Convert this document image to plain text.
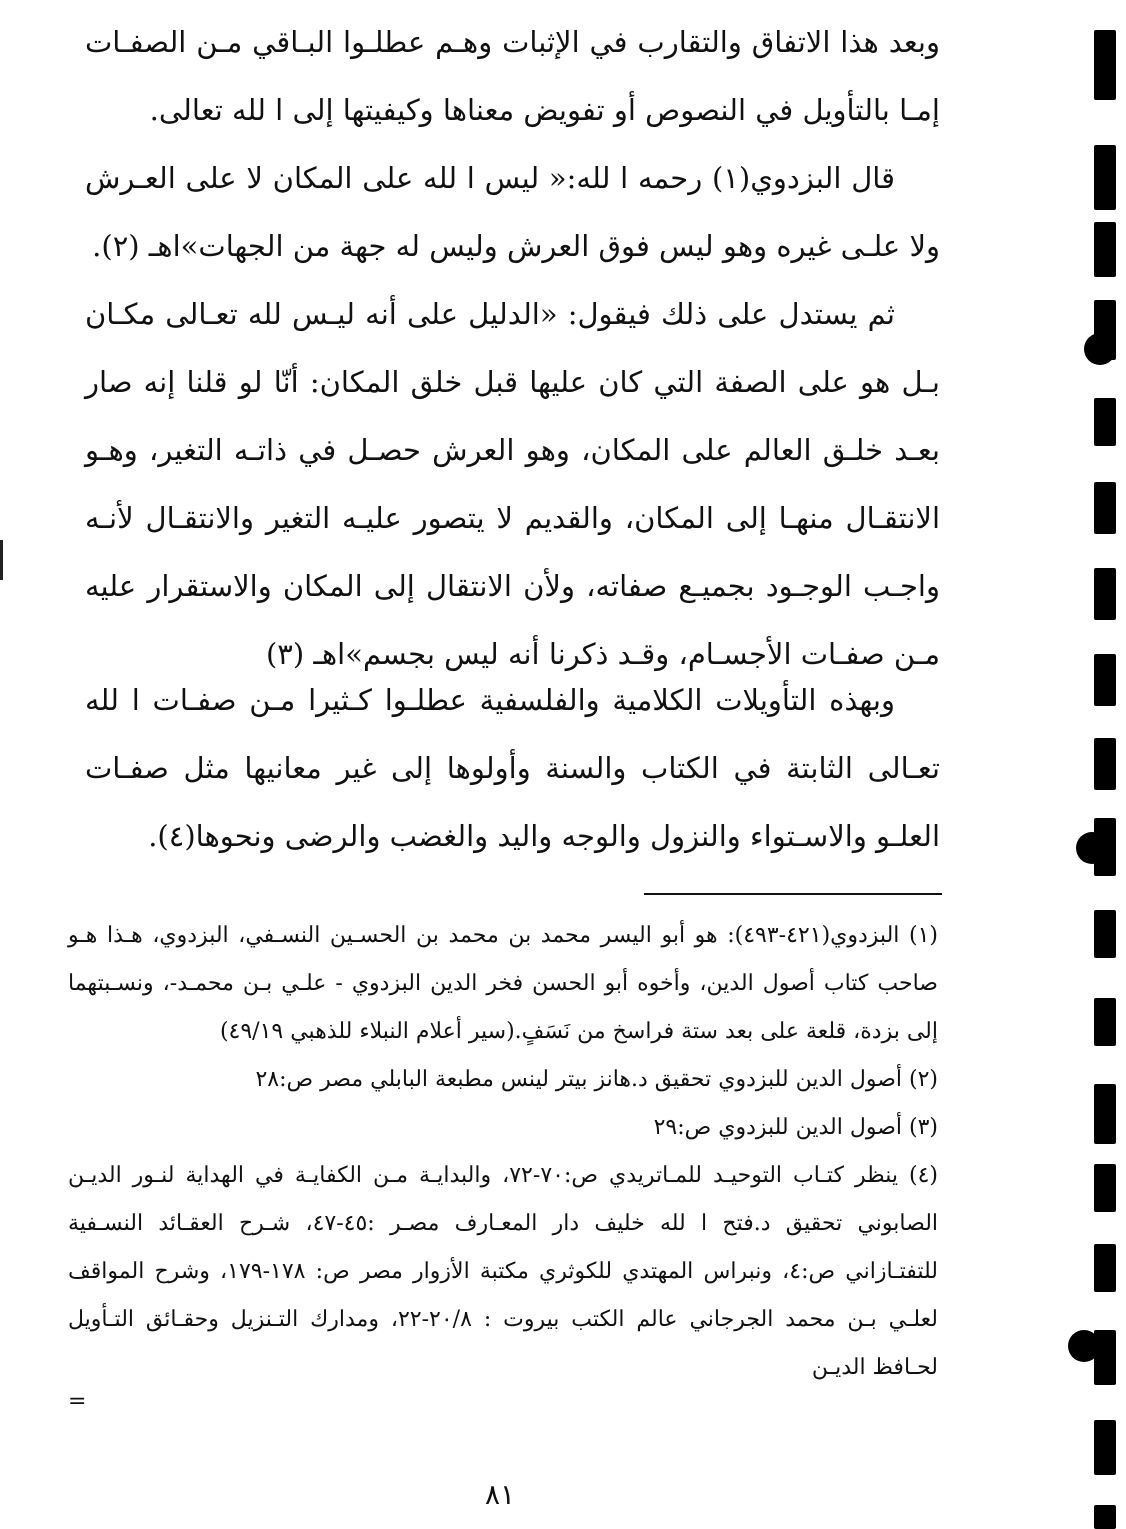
وبعد هذا الاتفاق والتقارب في الإثبات وهـم عطلـوا البـاقي مـن الصفـات إمـا بالتأويل في النصوص أو تفويض معناها وكيفيتها إلى ا لله تعالى.

قال البزدوي(١) رحمه ا لله:« ليس ا لله على المكان لا على العـرش ولا علـى غيره وهو ليس فوق العرش وليس له جهة من الجهات»اهـ (٢).

ثم يستدل على ذلك فيقول: «الدليل على أنه ليـس لله تعـالى مكـان بـل هو على الصفة التي كان عليها قبل خلق المكان: أنّا لو قلنا إنه صار بعـد خلـق العالم على المكان، وهو العرش حصـل في ذاتـه التغير، وهـو الانتقـال منهـا إلى المكان، والقديم لا يتصور عليـه التغير والانتقـال لأنـه واجـب الوجـود بجميـع صفاته، ولأن الانتقال إلى المكان والاستقرار عليه مـن صفـات الأجسـام، وقـد ذكرنا أنه ليس بجسم»اهـ (٣)

وبهذه التأويلات الكلامية والفلسفية عطلـوا كـثيرا مـن صفـات ا لله تعـالى الثابتة في الكتاب والسنة وأولوها إلى غير معانيها مثل صفـات العلـو والاسـتواء والنزول والوجه واليد والغضب والرضى ونحوها(٤).

(١) البزدوي(٤٢١-٤٩٣): هو أبو اليسر محمد بن محمد بن الحسـين النسـفي، البزدوي، هـذا هـو صاحب كتاب أصول الدين، وأخوه أبو الحسن فخر الدين البزدوي - علـي بـن محمـد-، ونسـبتهما إلى بزدة، قلعة على بعد ستة فراسخ من نَسَفٍ.(سير أعلام النبلاء للذهبي ٤٩/١٩)

(٢) أصول الدين للبزدوي تحقيق د.هانز بيتر لينس مطبعة البابلي مصر ص:٢٨

(٣) أصول الدين للبزدوي ص:٢٩

(٤) ينظر كتـاب التوحيـد للمـاتريدي ص:٧٠-٧٢، والبدايـة مـن الكفايـة في الهداية لنـور الديـن الصابوني تحقيق د.فتح ا لله خليف دار المعـارف مصـر :٤٥-٤٧، شـرح العقـائد النسـفية للتفتـازاني ص:٤، ونبراس المهتدي للكوثري مكتبة الأزوار مصر ص: ١٧٨-١٧٩، وشرح المواقف لعلـي بـن محمد الجرجاني عالم الكتب بيروت : ٢٠/٨-٢٢، ومدارك التـنزيل وحقـائق التـأويل لحـافظ الديـن

=

٨١
